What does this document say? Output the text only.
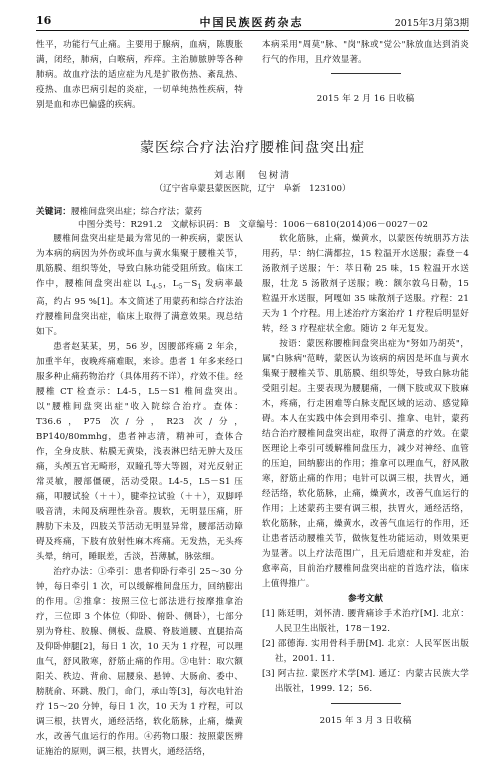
16	中国民族医药杂志	2015年3月第3期

性平，功能行气止痛。主要用于腺病，血病，陈腹胀满，闭经，肺病，白喉病，痄痒。主治肺脓肿等各种肺病。故血疗法的适应症为凡是扩散伤热、紊乱热、疫热、血赤巴病引起的炎症，一切单纯热性疾病，特别是血和赤巴偏盛的疾病。

本病采用"周莫"脉、"岗"脉或"觉公"脉放血达到消炎行气的作用，且疗效显著。

2015 年 2 月 16 日收稿

蒙医综合疗法治疗腰椎间盘突出症
刘志刚　包树清
（辽宁省阜蒙县蒙医医院，辽宁　阜新　123100）
关键词：腰椎间盘突出症；综合疗法；蒙药
中图分类号：R291.2　文献标识码：B　文章编号：1006－6810(2014)06－0027－02

腰椎间盘突出症是最为常见的一种疾病，蒙医认为本病的病因为外伤或坏血与黄水集聚于腰椎关节，肌筋膜、组织等处，导致白脉功能受阻所致。临床工作中，腰椎间盘突出症以 $L_{4-5}$，$L_5-S_1$ 发病率最高，约占 95 %[1]。本文简述了用蒙药和综合疗法治疗腰椎间盘突出症，临床上取得了满意效果。现总结如下。

患者赵某某，男，56 岁，因腰部疼痛 2 年余，加重半年，夜晚疼痛难眠，来诊。患者 1 年多来经口服多种止痛药物治疗（具体用药不详），疗效不佳。经腰椎 CT 检查示：L4-5，L5－S1 椎间盘突出。以"腰椎间盘突出症"收入院综合治疗。查体：T36.6，P75 次/分，R23 次/分，BP140/80mmhg，患者神志清，精神可，查体合作，全身皮肤、粘膜无黄染，浅表淋巴结无肿大及压痛，头颅五官无畸形，双瞳孔等大等圆，对光反射正常灵敏，腰部僵硬，活动受限。L4-5，L5－S1 压痛，叩腰试验（＋＋），腱牵拉试验（＋＋），双脚呼吸音清，未闻及病理性杂音。腹软，无明显压痛，肝脾肋下未及，四肢关节活动无明显异常，腰部活动障碍及疼痛，下肢有放射性麻木疼痛。无发热，无头疼头晕，纳可，睡眠差，舌淡，苔薄腻，脉弦细。

治疗办法：①牵引：患者仰卧行牵引 25～30 分钟，每日牵引 1 次，可以缓解椎间盘压力，回纳膨出的作用。②推拿：按照三位七部法进行按摩推拿治疗，三位即 3 个体位（仰卧、俯卧、侧卧），七部分别为脊柱、胶腺、侧板、盘膜、脊肢道腰、直腿抬高及仰卧伸腿[2]，每日 1 次，10 天为 1 疗程，可以理血气，舒风散寒，舒筋止痛的作用。③电针：取穴额阳关、秩边、背俞、屈腰泉、悬钟、大肠俞、委中、膀胱俞、环跳、殷门，命门，承山等[3]，每次电针治疗 15～20 分钟，每日 1 次，10 天为 1 疗程，可以调三根，扶胃火，通经活络，软化筋脉，止痛，燥黄水，改善气血运行的作用。④药物口服：按照蒙医辨证施治的原则，调三根，扶胃火，通经活络，

软化筋脉，止痛，燥黄水，以蒙医传统朋苏方法用药，早：纳仁满都拉，15 粒温开水送服；森登－4 汤散剂子送服；午：萃日勒 25 味，15 粒温开水送服，壮龙 5 汤散剂子送服；晚：额尔敦乌日勒，15 粒温开水送服，阿嘎如 35 味散剂子送服。疗程：21 天为 1 个疗程。用上述治疗方案治疗 1 疗程后明显好转，经 3 疗程症状全愈。随访 2 年无复发。

按语：蒙医称腰椎间盘突出症为"努如乃胡英"，属"白脉病"范畴，蒙医认为该病的病因是坏血与黄水集聚于腰椎关节、肌筋膜、组织等处，导致白脉功能受阻引起。主要表现为腰腿痛，一侧下肢或双下肢麻木，疼痛，行走困难等白脉支配区域的运动、感觉障碍。本人在实践中体会到用牵引、推拿、电针，蒙药结合治疗腰椎间盘突出症，取得了满意的疗效。在蒙医理论上牵引可缓解椎间盘压力，减少对神经、血管的压迫，回纳膨出的作用；推拿可以理血气，舒风散寒，舒筋止痛的作用；电针可以调三根，扶胃火，通经活络，软化筋脉，止痛，燥黄水，改善气血运行的作用；上述蒙药主要有调三根，扶胃火，通经活络，软化筋脉，止痛，燥黄水，改善气血运行的作用，还让患者活动腰椎关节，做恢复性功能运动，则效果更为显著。以上疗法范围广，且无后遗症和并发症，治愈率高，目前治疗腰椎间盘突出症的首选疗法，临床上值得推广。

参考文献

[1] 陈廷明，刘怀清. 腰背痛诊手术治疗[M]. 北京：人民卫生出版社，178－192.

[2] 邵德海. 实用骨科手册[M]. 北京：人民军医出版社，2001. 11.

[3] 阿古拉. 蒙医疗术学[M]. 通辽：内蒙古民族大学出版社，1999. 12；56.

2015 年 3 月 3 日收稿
